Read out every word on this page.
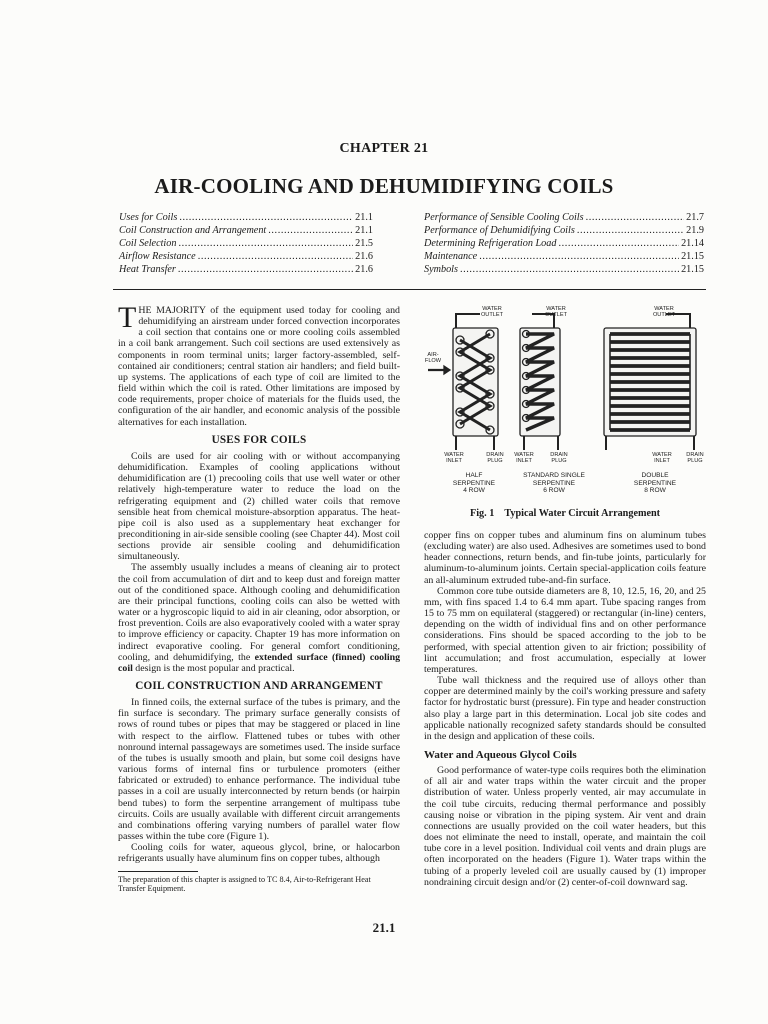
CHAPTER 21
AIR-COOLING AND DEHUMIDIFYING COILS
Uses for Coils .....	21.1
Coil Construction and Arrangement .....	21.1
Coil Selection .....	21.5
Airflow Resistance .....	21.6
Heat Transfer .....	21.6
Performance of Sensible Cooling Coils .....	21.7
Performance of Dehumidifying Coils .....	21.9
Determining Refrigeration Load .....	21.14
Maintenance .....	21.15
Symbols .....	21.15

THE MAJORITY of the equipment used today for cooling and dehumidifying an airstream under forced convection incorporates a coil section that contains one or more cooling coils assembled in a coil bank arrangement. Such coil sections are used extensively as components in room terminal units; larger factory-assembled, self-contained air conditioners; central station air handlers; and field built-up systems. The applications of each type of coil are limited to the field within which the coil is rated. Other limitations are imposed by code requirements, proper choice of materials for the fluids used, the configuration of the air handler, and economic analysis of the possible alternatives for each installation.

USES FOR COILS

Coils are used for air cooling with or without accompanying dehumidification. Examples of cooling applications without dehumidification are (1) precooling coils that use well water or other relatively high-temperature water to reduce the load on the refrigerating equipment and (2) chilled water coils that remove sensible heat from chemical moisture-absorption apparatus. The heat-pipe coil is also used as a supplementary heat exchanger for preconditioning in air-side sensible cooling (see Chapter 44). Most coil sections provide air sensible cooling and dehumidification simultaneously.

The assembly usually includes a means of cleaning air to protect the coil from accumulation of dirt and to keep dust and foreign matter out of the conditioned space. Although cooling and dehumidification are their principal functions, cooling coils can also be wetted with water or a hygroscopic liquid to aid in air cleaning, odor absorption, or frost prevention. Coils are also evaporatively cooled with a water spray to improve efficiency or capacity. Chapter 19 has more information on indirect evaporative cooling. For general comfort conditioning, cooling, and dehumidifying, the extended surface (finned) cooling coil design is the most popular and practical.

COIL CONSTRUCTION AND ARRANGEMENT

In finned coils, the external surface of the tubes is primary, and the fin surface is secondary. The primary surface generally consists of rows of round tubes or pipes that may be staggered or placed in line with respect to the airflow. Flattened tubes or tubes with other nonround internal passageways are sometimes used. The inside surface of the tubes is usually smooth and plain, but some coil designs have various forms of internal fins or turbulence promoters (either fabricated or extruded) to enhance performance. The individual tube passes in a coil are usually interconnected by return bends (or hairpin bend tubes) to form the serpentine arrangement of multipass tube circuits. Coils are usually available with different circuit arrangements and combinations offering varying numbers of parallel water flow passes within the tube core (Figure 1).

Cooling coils for water, aqueous glycol, brine, or halocarbon refrigerants usually have aluminum fins on copper tubes, although

The preparation of this chapter is assigned to TC 8.4, Air-to-Refrigerant Heat Transfer Equipment.
AIR-
FLOW
WATER
OUTLET
WATER
OUTLET
WATER
OUTLET
WATER
INLET
DRAIN
PLUG
WATER
INLET
DRAIN
PLUG
WATER
INLET
DRAIN
PLUG
HALF
SERPENTINE
4 ROW
STANDARD SINGLE
SERPENTINE
6 ROW
DOUBLE
SERPENTINE
8 ROW
Fig. 1 Typical Water Circuit Arrangement

copper fins on copper tubes and aluminum fins on aluminum tubes (excluding water) are also used. Adhesives are sometimes used to bond header connections, return bends, and fin-tube joints, particularly for aluminum-to-aluminum joints. Certain special-application coils feature an all-aluminum extruded tube-and-fin surface.

Common core tube outside diameters are 8, 10, 12.5, 16, 20, and 25 mm, with fins spaced 1.4 to 6.4 mm apart. Tube spacing ranges from 15 to 75 mm on equilateral (staggered) or rectangular (in-line) centers, depending on the width of individual fins and on other performance considerations. Fins should be spaced according to the job to be performed, with special attention given to air friction; possibility of lint accumulation; and frost accumulation, especially at lower temperatures.

Tube wall thickness and the required use of alloys other than copper are determined mainly by the coil's working pressure and safety factor for hydrostatic burst (pressure). Fin type and header construction also play a large part in this determination. Local job site codes and applicable nationally recognized safety standards should be consulted in the design and application of these coils.

Water and Aqueous Glycol Coils

Good performance of water-type coils requires both the elimination of all air and water traps within the water circuit and the proper distribution of water. Unless properly vented, air may accumulate in the coil tube circuits, reducing thermal performance and possibly causing noise or vibration in the piping system. Air vent and drain connections are usually provided on the coil water headers, but this does not eliminate the need to install, operate, and maintain the coil tube core in a level position. Individual coil vents and drain plugs are often incorporated on the headers (Figure 1). Water traps within the tubing of a properly leveled coil are usually caused by (1) improper nondraining circuit design and/or (2) center-of-coil downward sag.

21.1
